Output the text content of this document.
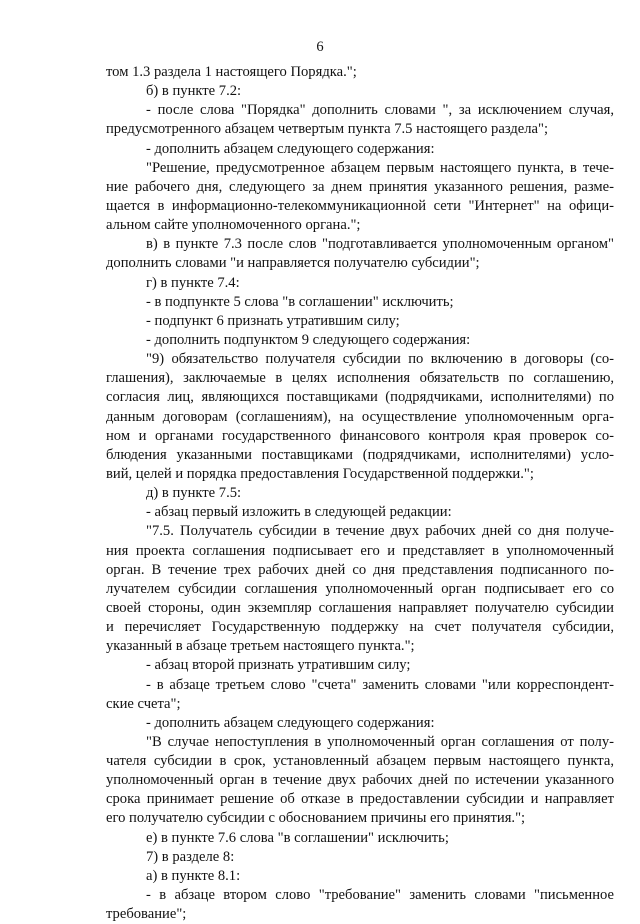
6
том 1.3 раздела 1 настоящего Порядка.";
б) в пункте 7.2:
- после слова "Порядка" дополнить словами ", за исключением случая,
предусмотренного абзацем четвертым пункта 7.5 настоящего раздела";
- дополнить абзацем следующего содержания:
"Решение, предусмотренное абзацем первым настоящего пункта, в тече-
ние рабочего дня, следующего за днем принятия указанного решения, разме-
щается в информационно-телекоммуникационной сети "Интернет" на офици-
альном сайте уполномоченного органа.";
в) в пункте 7.3 после слов "подготавливается уполномоченным органом"
дополнить словами "и направляется получателю субсидии";
г) в пункте 7.4:
- в подпункте 5 слова "в соглашении" исключить;
- подпункт 6 признать утратившим силу;
- дополнить подпунктом 9 следующего содержания:
"9) обязательство получателя субсидии по включению в договоры (со-
глашения), заключаемые в целях исполнения обязательств по соглашению,
согласия лиц, являющихся поставщиками (подрядчиками, исполнителями) по
данным договорам (соглашениям), на осуществление уполномоченным орга-
ном и органами государственного финансового контроля края проверок со-
блюдения указанными поставщиками (подрядчиками, исполнителями) усло-
вий, целей и порядка предоставления Государственной поддержки.";
д) в пункте 7.5:
- абзац первый изложить в следующей редакции:
"7.5. Получатель субсидии в течение двух рабочих дней со дня получе-
ния проекта соглашения подписывает его и представляет в уполномоченный
орган. В течение трех рабочих дней со дня представления подписанного по-
лучателем субсидии соглашения уполномоченный орган подписывает его со
своей стороны, один экземпляр соглашения направляет получателю субсидии
и перечисляет Государственную поддержку на счет получателя субсидии,
указанный в абзаце третьем настоящего пункта.";
- абзац второй признать утратившим силу;
- в абзаце третьем слово "счета" заменить словами "или корреспондент-
ские счета";
- дополнить абзацем следующего содержания:
"В случае непоступления в уполномоченный орган соглашения от полу-
чателя субсидии в срок, установленный абзацем первым настоящего пункта,
уполномоченный орган в течение двух рабочих дней по истечении указанного
срока принимает решение об отказе в предоставлении субсидии и направляет
его получателю субсидии с обоснованием причины его принятия.";
е) в пункте 7.6 слова "в соглашении" исключить;
7) в разделе 8:
а) в пункте 8.1:
- в абзаце втором слово "требование" заменить словами "письменное
требование";
